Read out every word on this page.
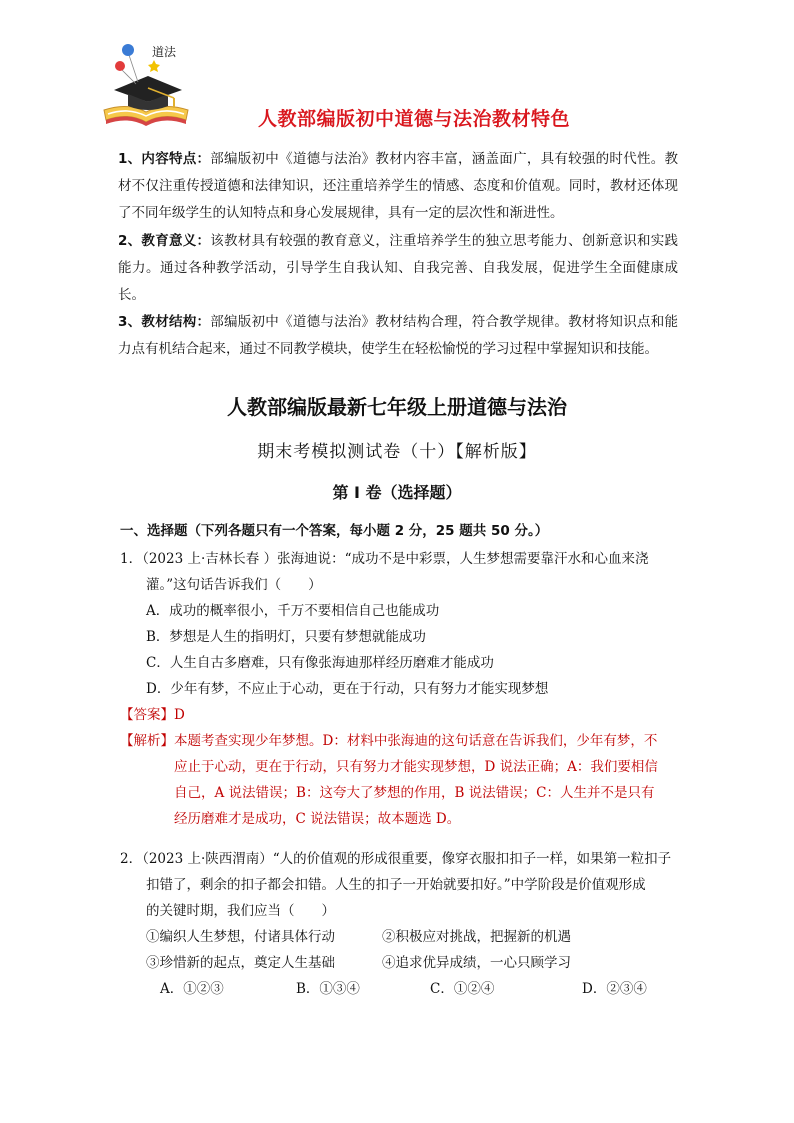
道法
人教部编版初中道德与法治教材特色

1、内容特点：部编版初中《道德与法治》教材内容丰富，涵盖面广，具有较强的时代性。教材不仅注重传授道德和法律知识，还注重培养学生的情感、态度和价值观。同时，教材还体现了不同年级学生的认知特点和身心发展规律，具有一定的层次性和渐进性。

2、教育意义：该教材具有较强的教育意义，注重培养学生的独立思考能力、创新意识和实践能力。通过各种教学活动，引导学生自我认知、自我完善、自我发展，促进学生全面健康成长。

3、教材结构：部编版初中《道德与法治》教材结构合理，符合教学规律。教材将知识点和能力点有机结合起来，通过不同教学模块，使学生在轻松愉悦的学习过程中掌握知识和技能。

人教部编版最新七年级上册道德与法治
期末考模拟测试卷（十）【解析版】
第 I 卷（选择题）
一、选择题（下列各题只有一个答案，每小题 2 分，25 题共 50 分。）
1．（2023 上·吉林长春 ）张海迪说：“成功不是中彩票，人生梦想需要靠汗水和心血来浇
灌。”这句话告诉我们（　　）
A．成功的概率很小，千万不要相信自己也能成功
B．梦想是人生的指明灯，只要有梦想就能成功
C．人生自古多磨难，只有像张海迪那样经历磨难才能成功
D．少年有梦，不应止于心动，更在于行动，只有努力才能实现梦想
【答案】D
【解析】 本题考查实现少年梦想。D：材料中张海迪的这句话意在告诉我们，少年有梦，不
应止于心动，更在于行动，只有努力才能实现梦想，D 说法正确；A：我们要相信
自己，A 说法错误；B：这夸大了梦想的作用，B 说法错误；C：人生并不是只有
经历磨难才是成功，C 说法错误；故本题选 D。
2．（2023 上·陕西渭南）“人的价值观的形成很重要，像穿衣服扣扣子一样，如果第一粒扣子
扣错了，剩余的扣子都会扣错。人生的扣子一开始就要扣好。”中学阶段是价值观形成
的关键时期，我们应当（　　）
①编织人生梦想，付诸具体行动	②积极应对挑战，把握新的机遇
③珍惜新的起点，奠定人生基础	④追求优异成绩，一心只顾学习
A．①②③	B．①③④	C．①②④	D．②③④
